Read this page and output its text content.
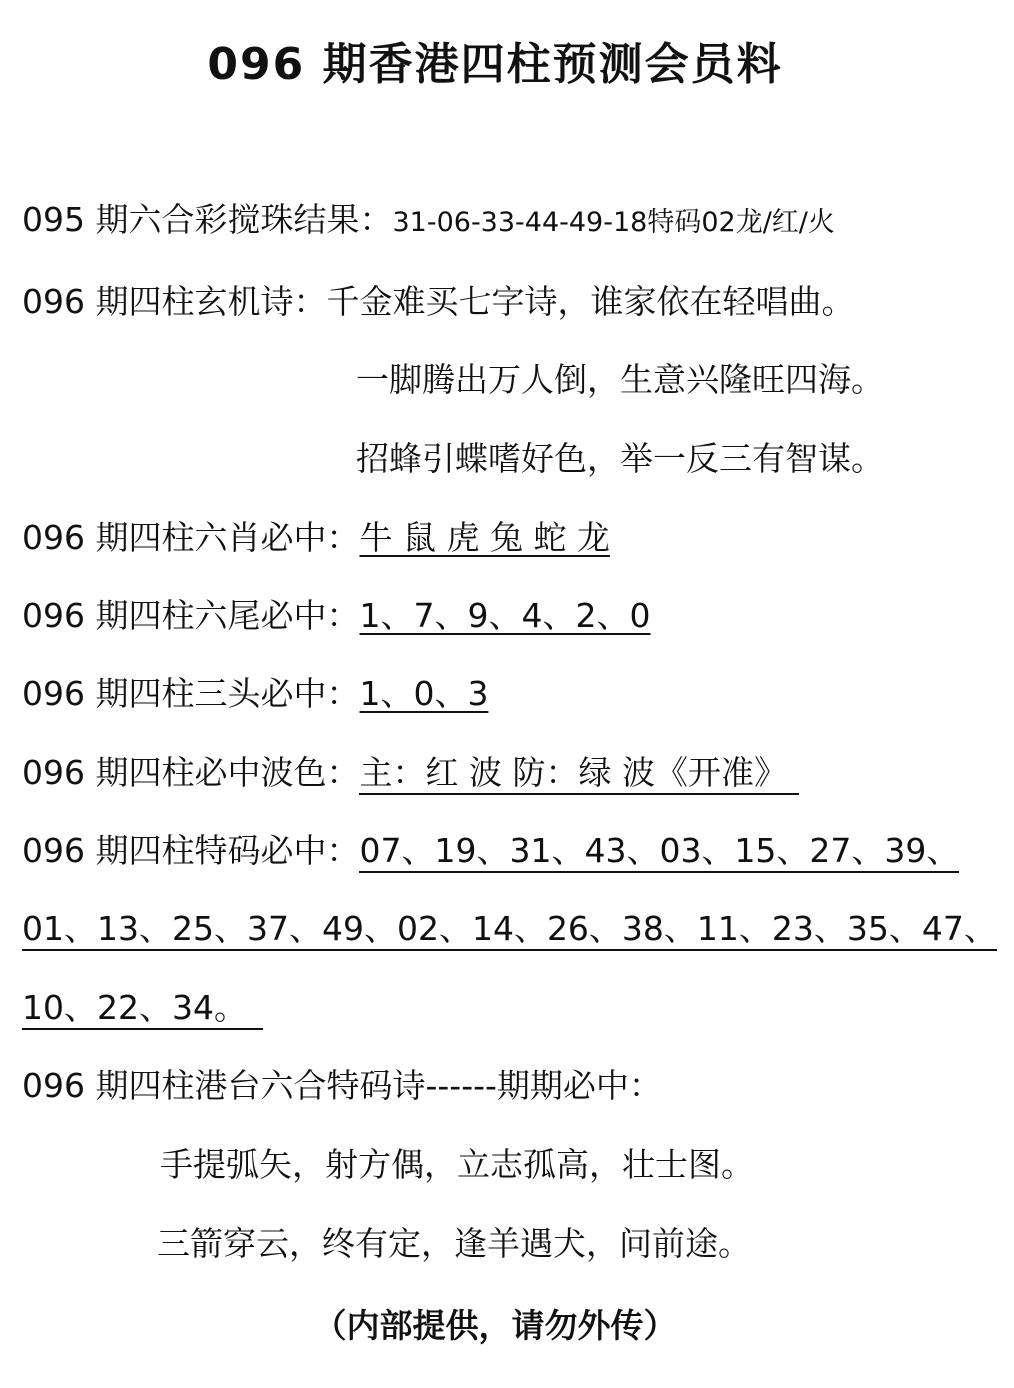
096 期香港四柱预测会员料
095 期六合彩搅珠结果：31-06-33-44-49-18特码02龙/红/火
096 期四柱玄机诗：千金难买七字诗，谁家依在轻唱曲。
一脚腾出万人倒，生意兴隆旺四海。
招蜂引蝶嗜好色，举一反三有智谋。
096 期四柱六肖必中：牛 鼠 虎 兔 蛇 龙
096 期四柱六尾必中：1、7、9、4、2、0
096 期四柱三头必中：1、0、3
096 期四柱必中波色：主：红 波 防：绿 波《开准》
096 期四柱特码必中：07、19、31、43、03、15、27、39、
01、13、25、37、49、02、14、26、38、11、23、35、47、
10、22、34。
096 期四柱港台六合特码诗------期期必中：
手提弧矢，射方偶，立志孤高，壮士图。
三箭穿云，终有定，逢羊遇犬，问前途。
（内部提供，请勿外传）
